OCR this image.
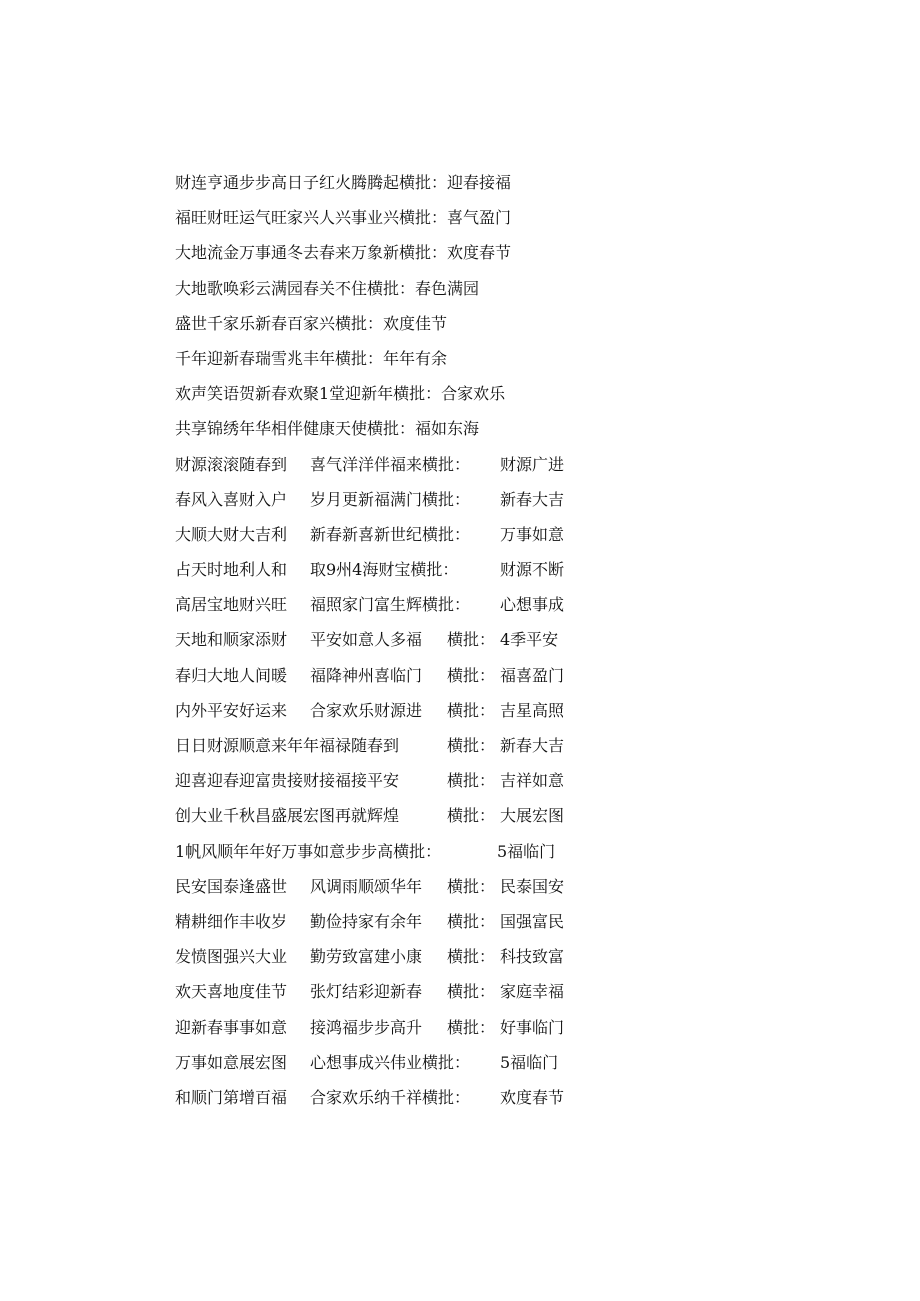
财连亨通步步高日子红火腾腾起横批：迎春接福
福旺财旺运气旺家兴人兴事业兴横批：喜气盈门
大地流金万事通冬去春来万象新横批：欢度春节
大地歌唤彩云满园春关不住横批：春色满园
盛世千家乐新春百家兴横批：欢度佳节
千年迎新春瑞雪兆丰年横批：年年有余
欢声笑语贺新春欢聚1堂迎新年横批：合家欢乐
共享锦绣年华相伴健康天使横批：福如东海
财源滚滚随春到 喜气洋洋伴福来横批： 财源广进
春风入喜财入户 岁月更新福满门横批： 新春大吉
大顺大财大吉利 新春新喜新世纪横批： 万事如意
占天时地利人和 取9州4海财宝横批：	财源不断
高居宝地财兴旺 福照家门富生辉横批： 心想事成
天地和顺家添财 平安如意人多福 横批： 4季平安
春归大地人间暖 福降神州喜临门 横批： 福喜盈门
内外平安好运来 合家欢乐财源进 横批： 吉星高照
日日财源顺意来年年福禄随春到	横批： 新春大吉
迎喜迎春迎富贵接财接福接平安	横批： 吉祥如意
创大业千秋昌盛展宏图再就辉煌	横批： 大展宏图
1帆风顺年年好万事如意步步高横批：	5福临门
民安国泰逢盛世 风调雨顺颂华年 横批： 民泰国安
精耕细作丰收岁 勤俭持家有余年 横批： 国强富民
发愤图强兴大业 勤劳致富建小康 横批： 科技致富
欢天喜地度佳节 张灯结彩迎新春 横批： 家庭幸福
迎新春事事如意 接鸿福步步高升 横批： 好事临门
万事如意展宏图 心想事成兴伟业横批： 5福临门
和顺门第增百福 合家欢乐纳千祥横批： 欢度春节
